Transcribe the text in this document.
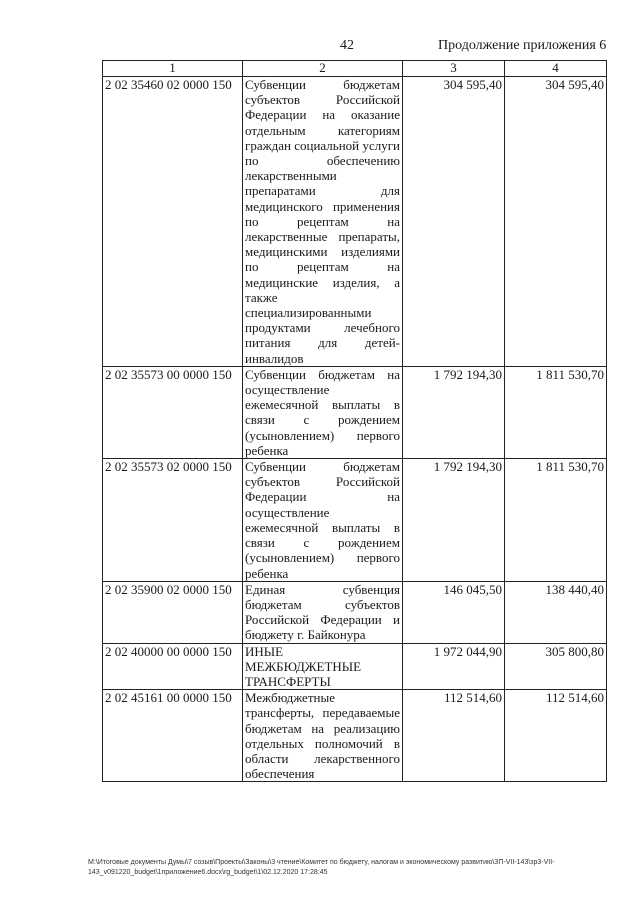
42	Продолжение приложения 6
1	2	3	4
2 02 35460 02 0000 150	Субвенции бюджетам субъектов Российской Федерации на оказание отдельным категориям граждан социальной услуги по обеспечению лекарственными препаратами для медицинского применения по рецептам на лекарственные препараты, медицинскими изделиями по рецептам на медицинские изделия, а также специализированными продуктами лечебного питания для детей-инвалидов	304 595,40	304 595,40
2 02 35573 00 0000 150	Субвенции бюджетам на осуществление ежемесячной выплаты в связи с рождением (усыновлением) первого ребенка	1 792 194,30	1 811 530,70
2 02 35573 02 0000 150	Субвенции бюджетам субъектов Российской Федерации на осуществление ежемесячной выплаты в связи с рождением (усыновлением) первого ребенка	1 792 194,30	1 811 530,70
2 02 35900 02 0000 150	Единая субвенция бюджетам субъектов Российской Федерации и бюджету г. Байконура	146 045,50	138 440,40
2 02 40000 00 0000 150	ИНЫЕ МЕЖБЮДЖЕТНЫЕ ТРАНСФЕРТЫ	1 972 044,90	305 800,80
2 02 45161 00 0000 150	Межбюджетные трансферты, передаваемые бюджетам на реализацию отдельных полномочий в области лекарственного обеспечения	112 514,60	112 514,60
M:\Итоговые документы Думы\7 созыв\Проекты\Законы\3 чтение\Комитет по бюджету, налогам и экономическому развитию\ЗП-VII-143\зр3-VII-143_v091220_budget\1приложение6.docx\rg_budget\1\02.12.2020 17:28:45
